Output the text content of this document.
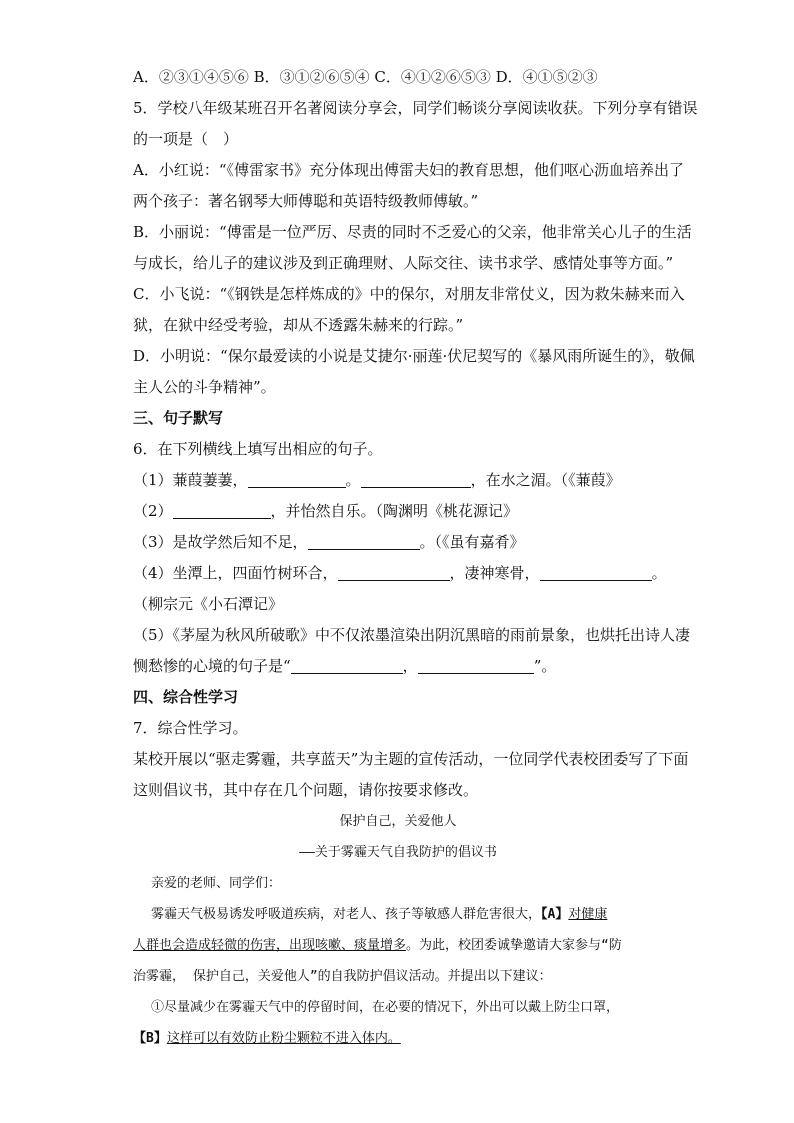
A．②③①④⑤⑥ B．③①②⑥⑤④ C．④①②⑥⑤③ D．④①⑤②③
5．学校八年级某班召开名著阅读分享会，同学们畅谈分享阅读收获。下列分享有错误
的一项是（　）
A．小红说：“《傅雷家书》充分体现出傅雷夫妇的教育思想，他们呕心沥血培养出了
两个孩子：著名钢琴大师傅聪和英语特级教师傅敏。”
B．小丽说：“傅雷是一位严厉、尽责的同时不乏爱心的父亲，他非常关心儿子的生活
与成长，给儿子的建议涉及到正确理财、人际交往、读书求学、感情处事等方面。”
C．小飞说：“《钢铁是怎样炼成的》中的保尔，对朋友非常仗义，因为救朱赫来而入
狱，在狱中经受考验，却从不透露朱赫来的行踪。”
D．小明说：“保尔最爱读的小说是艾捷尔·丽莲·伏尼契写的《暴风雨所诞生的》，敬佩
主人公的斗争精神”。
三、句子默写
6．在下列横线上填写出相应的句子。
（1）蒹葭萋萋，	。	，在水之湄。（《蒹葭》
（2）	，并怡然自乐。（陶渊明《桃花源记》
（3）是故学然后知不足，	。（《虽有嘉肴》
（4）坐潭上，四面竹树环合，	，凄神寒骨，	。
（柳宗元《小石潭记》
（5）《茅屋为秋风所破歌》中不仅浓墨渲染出阴沉黑暗的雨前景象，也烘托出诗人凄
恻愁惨的心境的句子是“	，	”。
四、综合性学习
7．综合性学习。
某校开展以“驱走雾霾，共享蓝天”为主题的宣传活动，一位同学代表校团委写了下面
这则倡议书，其中存在几个问题，请你按要求修改。
保护自己，关爱他人
——关于雾霾天气自我防护的倡议书
亲爱的老师、同学们：
雾霾天气极易诱发呼吸道疾病，对老人、孩子等敏感人群危害很大，【A】对健康
人群也会造成轻微的伤害，出现咳嗽、痰量增多。为此，校团委诚挚邀请大家参与“防
治雾霾， 保护自己，关爱他人”的自我防护倡议活动。并提出以下建议：
①尽量减少在雾霾天气中的停留时间，在必要的情况下，外出可以戴上防尘口罩，
【B】这样可以有效防止粉尘颗粒不进入体内。
